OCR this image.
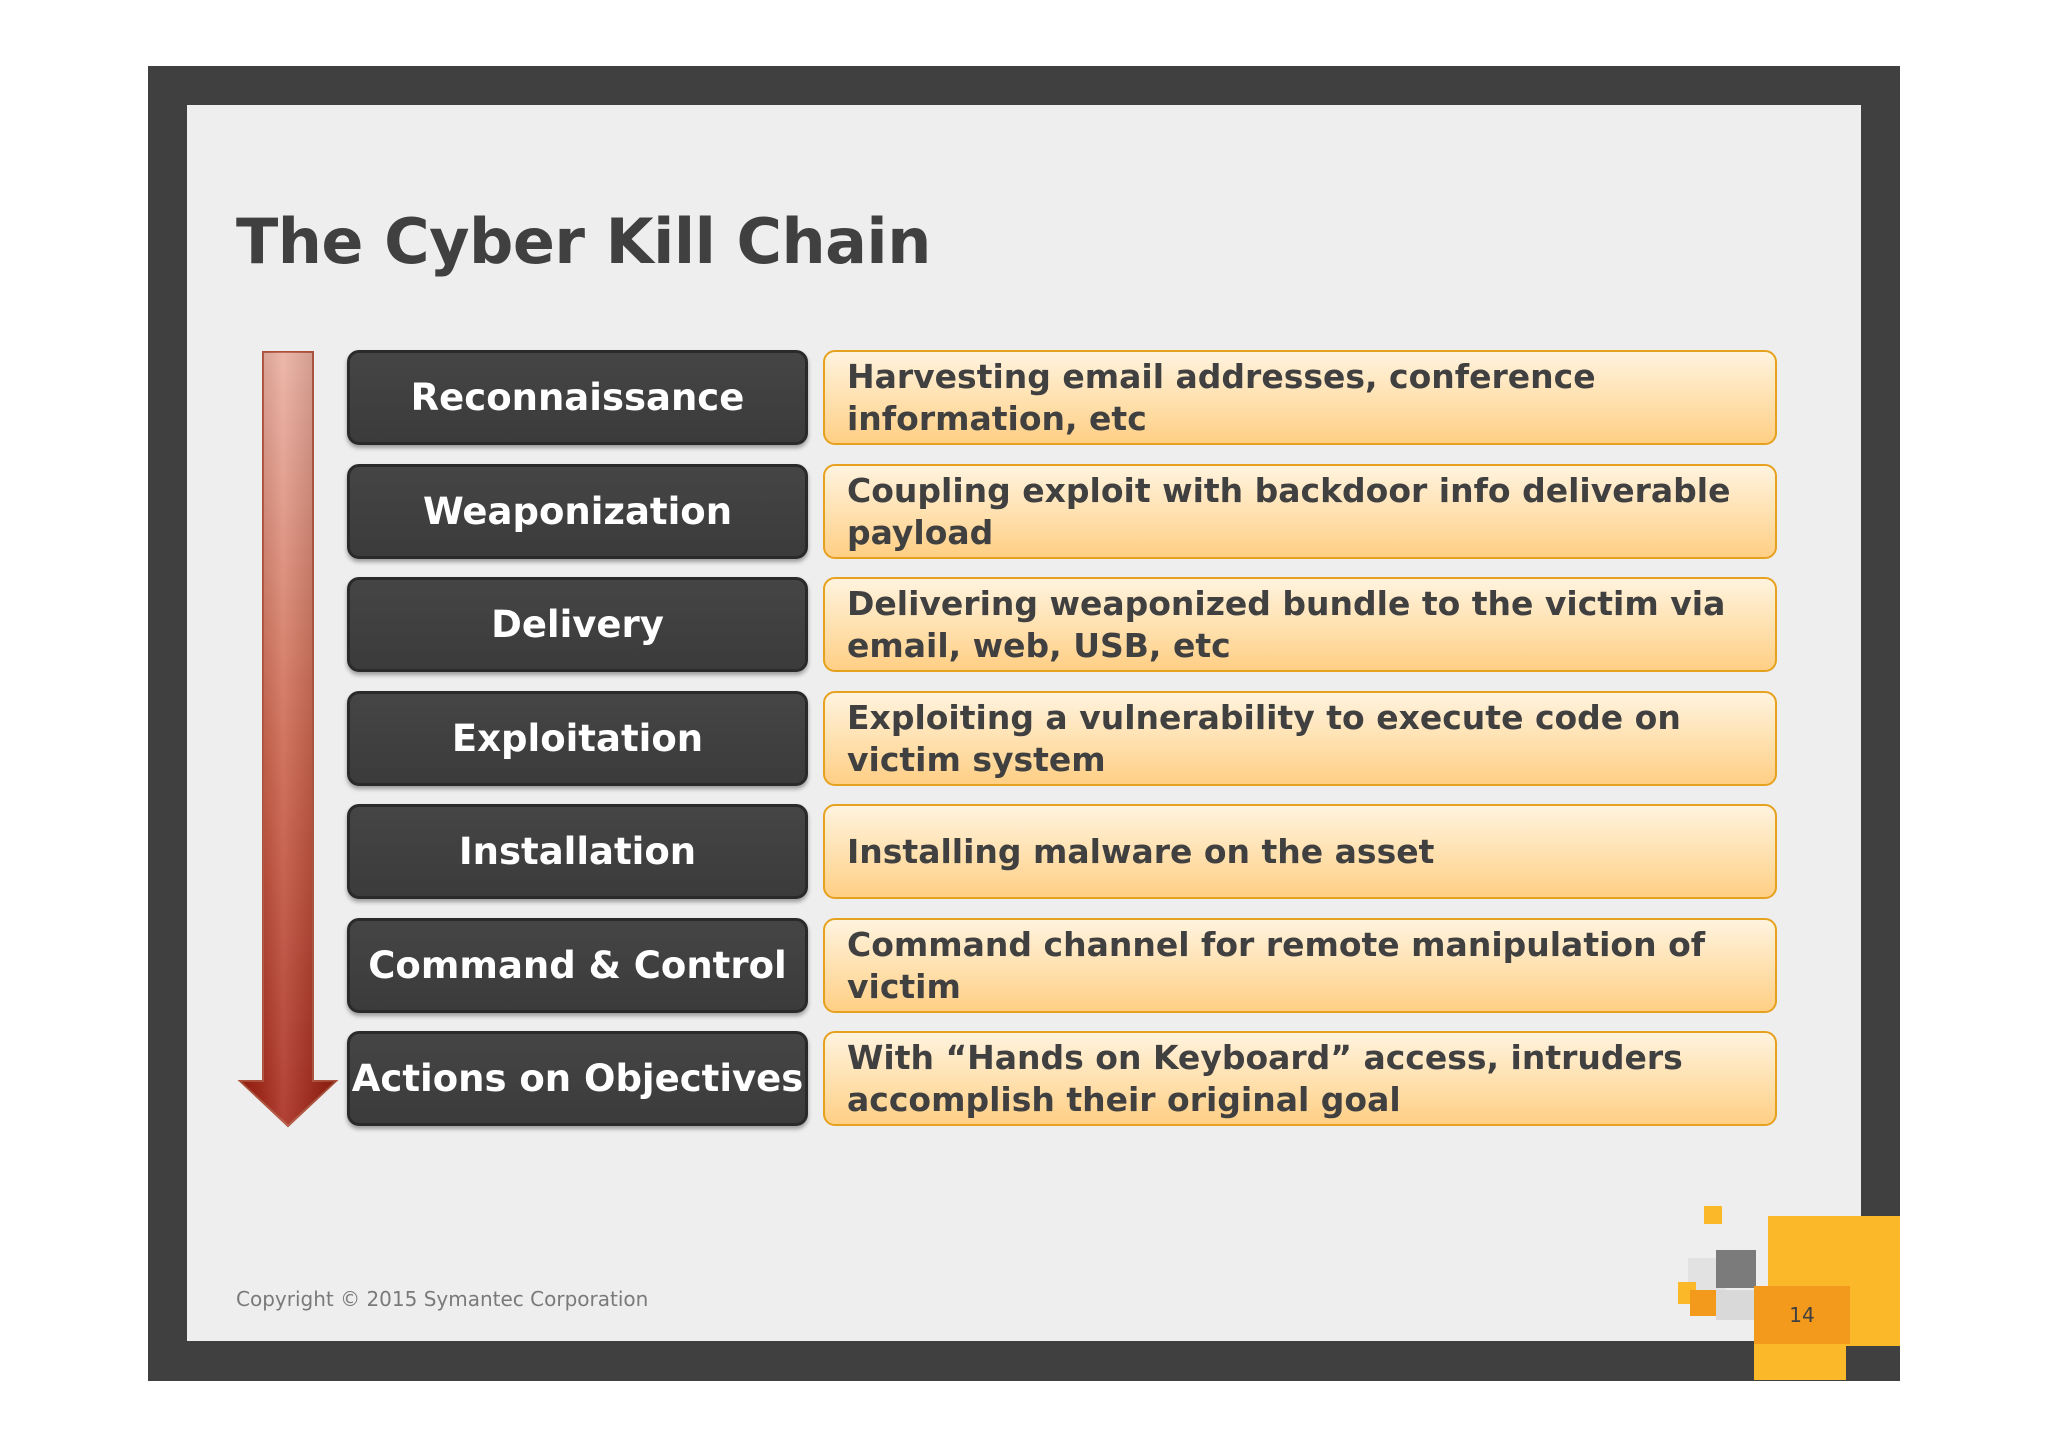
The Cyber Kill Chain
Reconnaissance	Harvesting email addresses, conference information, etc
Weaponization	Coupling exploit with backdoor info deliverable payload
Delivery	Delivering weaponized bundle to the victim via email, web, USB, etc
Exploitation	Exploiting a vulnerability to execute code on victim system
Installation	Installing malware on the asset
Command & Control	Command channel for remote manipulation of victim
Actions on Objectives	With “Hands on Keyboard” access, intruders accomplish their original goal
Copyright © 2015 Symantec Corporation
14
